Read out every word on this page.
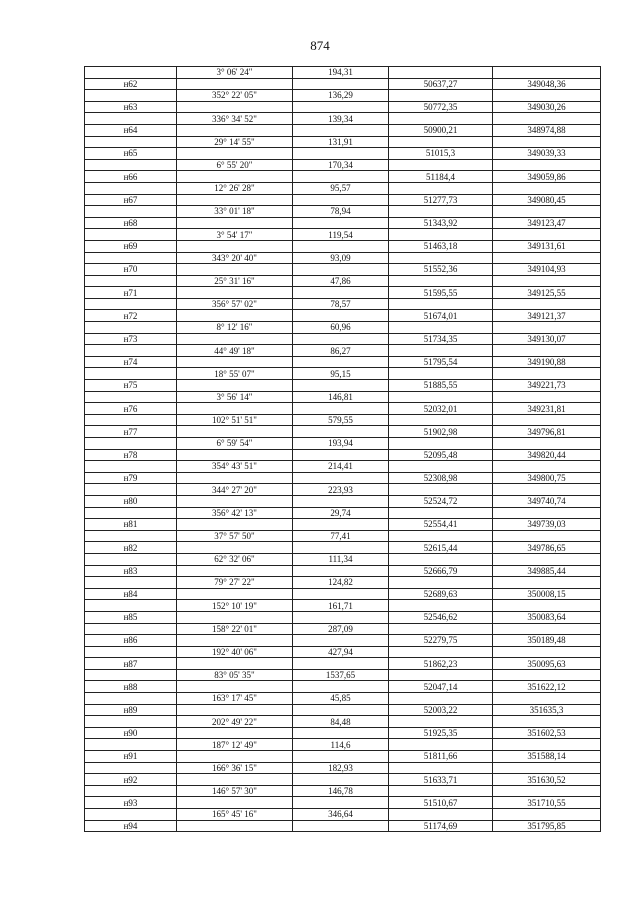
874
	3° 06' 24"	194,31		
н62			50637,27	349048,36
	352° 22' 05"	136,29		
н63			50772,35	349030,26
	336° 34' 52"	139,34		
н64			50900,21	348974,88
	29° 14' 55"	131,91		
н65			51015,3	349039,33
	6° 55' 20"	170,34		
н66			51184,4	349059,86
	12° 26' 28"	95,57		
н67			51277,73	349080,45
	33° 01' 18"	78,94		
н68			51343,92	349123,47
	3° 54' 17"	119,54		
н69			51463,18	349131,61
	343° 20' 40"	93,09		
н70			51552,36	349104,93
	25° 31' 16"	47,86		
н71			51595,55	349125,55
	356° 57' 02"	78,57		
н72			51674,01	349121,37
	8° 12' 16"	60,96		
н73			51734,35	349130,07
	44° 49' 18"	86,27		
н74			51795,54	349190,88
	18° 55' 07"	95,15		
н75			51885,55	349221,73
	3° 56' 14"	146,81		
н76			52032,01	349231,81
	102° 51' 51"	579,55		
н77			51902,98	349796,81
	6° 59' 54"	193,94		
н78			52095,48	349820,44
	354° 43' 51"	214,41		
н79			52308,98	349800,75
	344° 27' 20"	223,93		
н80			52524,72	349740,74
	356° 42' 13"	29,74		
н81			52554,41	349739,03
	37° 57' 50"	77,41		
н82			52615,44	349786,65
	62° 32' 06"	111,34		
н83			52666,79	349885,44
	79° 27' 22"	124,82		
н84			52689,63	350008,15
	152° 10' 19"	161,71		
н85			52546,62	350083,64
	158° 22' 01"	287,09		
н86			52279,75	350189,48
	192° 40' 06"	427,94		
н87			51862,23	350095,63
	83° 05' 35"	1537,65		
н88			52047,14	351622,12
	163° 17' 45"	45,85		
н89			52003,22	351635,3
	202° 49' 22"	84,48		
н90			51925,35	351602,53
	187° 12' 49"	114,6		
н91			51811,66	351588,14
	166° 36' 15"	182,93		
н92			51633,71	351630,52
	146° 57' 30"	146,78		
н93			51510,67	351710,55
	165° 45' 16"	346,64		
н94			51174,69	351795,85
